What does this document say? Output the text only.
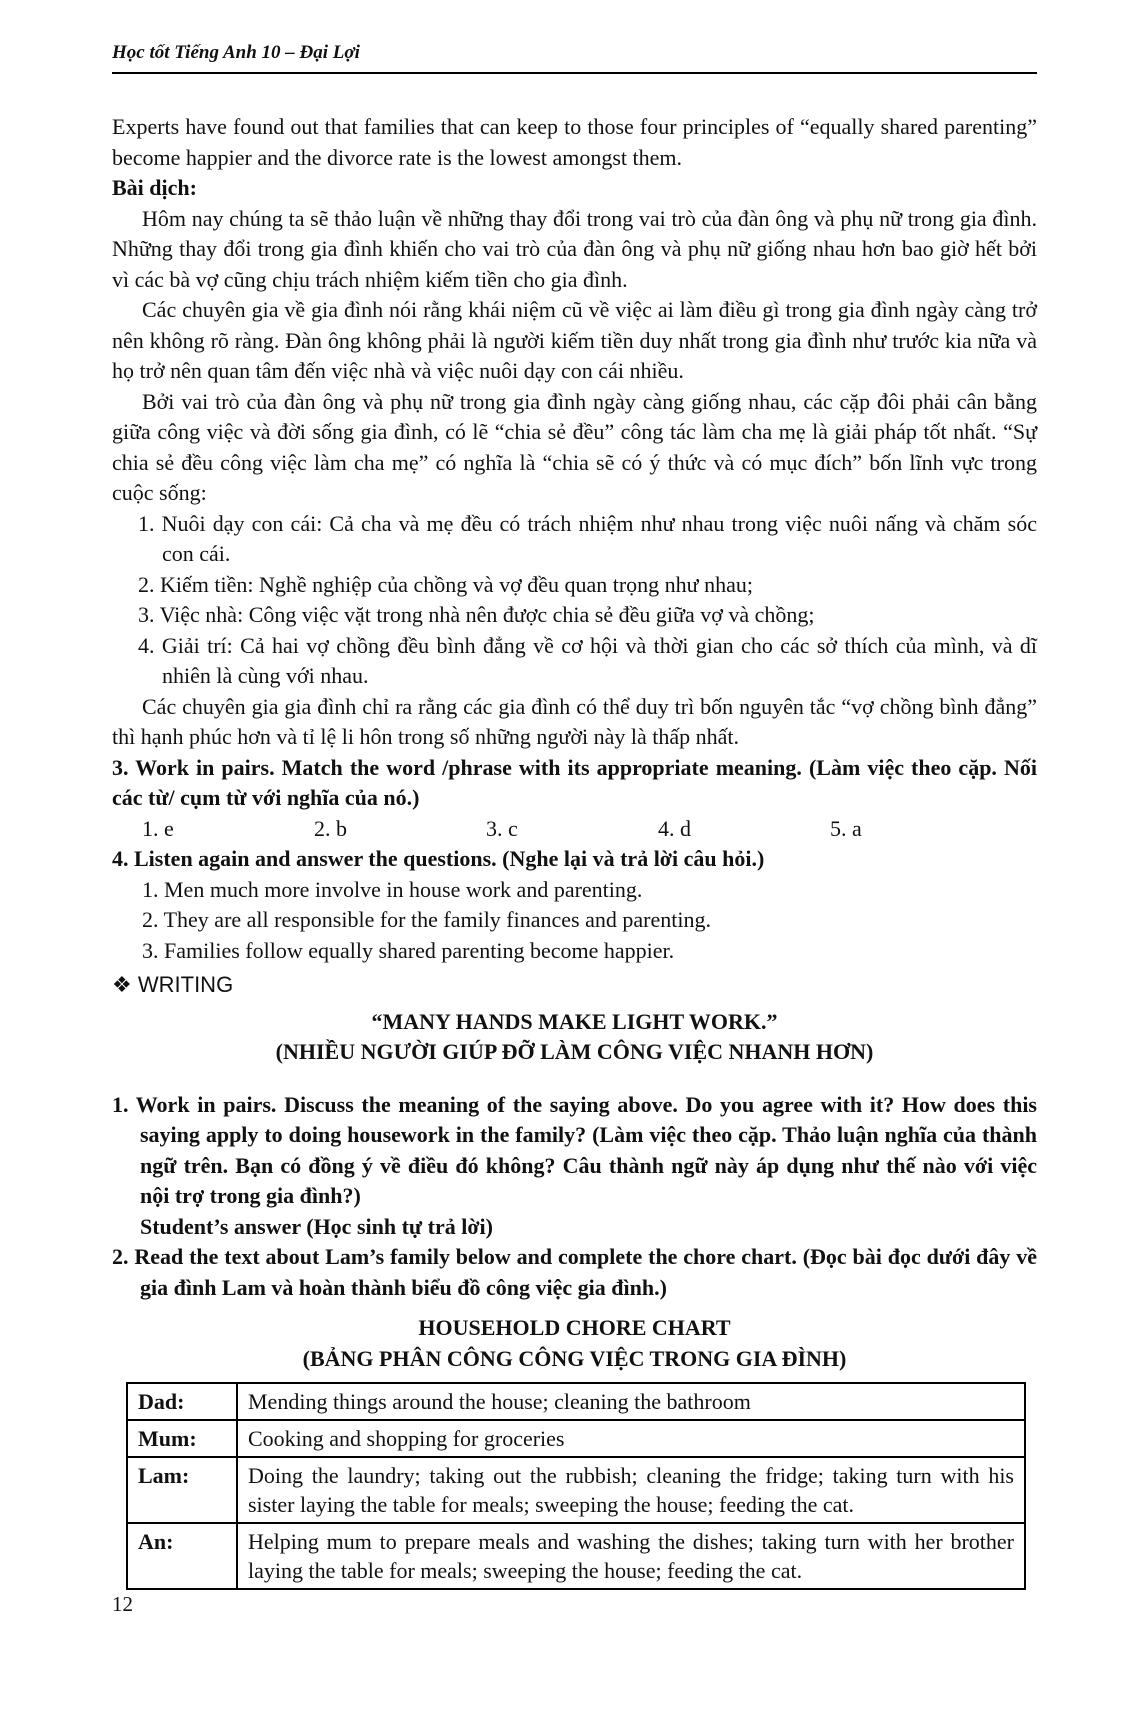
Học tốt Tiếng Anh 10 – Đại Lợi

Experts have found out that families that can keep to those four principles of “equally shared parenting” become happier and the divorce rate is the lowest amongst them.

Bài dịch:

Hôm nay chúng ta sẽ thảo luận về những thay đổi trong vai trò của đàn ông và phụ nữ trong gia đình. Những thay đổi trong gia đình khiến cho vai trò của đàn ông và phụ nữ giống nhau hơn bao giờ hết bởi vì các bà vợ cũng chịu trách nhiệm kiếm tiền cho gia đình.

Các chuyên gia về gia đình nói rằng khái niệm cũ về việc ai làm điều gì trong gia đình ngày càng trở nên không rõ ràng. Đàn ông không phải là người kiếm tiền duy nhất trong gia đình như trước kia nữa và họ trở nên quan tâm đến việc nhà và việc nuôi dạy con cái nhiều.

Bởi vai trò của đàn ông và phụ nữ trong gia đình ngày càng giống nhau, các cặp đôi phải cân bằng giữa công việc và đời sống gia đình, có lẽ “chia sẻ đều” công tác làm cha mẹ là giải pháp tốt nhất. “Sự chia sẻ đều công việc làm cha mẹ” có nghĩa là “chia sẽ có ý thức và có mục đích” bốn lĩnh vực trong cuộc sống:

1. Nuôi dạy con cái: Cả cha và mẹ đều có trách nhiệm như nhau trong việc nuôi nấng và chăm sóc con cái.
2. Kiếm tiền: Nghề nghiệp của chồng và vợ đều quan trọng như nhau;
3. Việc nhà: Công việc vặt trong nhà nên được chia sẻ đều giữa vợ và chồng;
4. Giải trí: Cả hai vợ chồng đều bình đẳng về cơ hội và thời gian cho các sở thích của mình, và dĩ nhiên là cùng với nhau.

Các chuyên gia gia đình chỉ ra rằng các gia đình có thể duy trì bốn nguyên tắc “vợ chồng bình đẳng” thì hạnh phúc hơn và tỉ lệ li hôn trong số những người này là thấp nhất.

3. Work in pairs. Match the word /phrase with its appropriate meaning. (Làm việc theo cặp. Nối các từ/ cụm từ với nghĩa của nó.)

1. e	2. b	3. c	4. d	5. a

4. Listen again and answer the questions. (Nghe lại và trả lời câu hỏi.)

1. Men much more involve in house work and parenting.
2. They are all responsible for the family finances and parenting.
3. Families follow equally shared parenting become happier.
❖ WRITING

“MANY HANDS MAKE LIGHT WORK.”

(NHIỀU NGƯỜI GIÚP ĐỠ LÀM CÔNG VIỆC NHANH HƠN)

1. Work in pairs. Discuss the meaning of the saying above. Do you agree with it? How does this saying apply to doing housework in the family? (Làm việc theo cặp. Thảo luận nghĩa của thành ngữ trên. Bạn có đồng ý về điều đó không? Câu thành ngữ này áp dụng như thế nào với việc nội trợ trong gia đình?)

Student’s answer (Học sinh tự trả lời)

2. Read the text about Lam’s family below and complete the chore chart. (Đọc bài đọc dưới đây về gia đình Lam và hoàn thành biểu đồ công việc gia đình.)

HOUSEHOLD CHORE CHART

(BẢNG PHÂN CÔNG CÔNG VIỆC TRONG GIA ĐÌNH)

Dad:	Mending things around the house; cleaning the bathroom
Mum:	Cooking and shopping for groceries
Lam:	Doing the laundry; taking out the rubbish; cleaning the fridge; taking turn with his sister laying the table for meals; sweeping the house; feeding the cat.
An:	Helping mum to prepare meals and washing the dishes; taking turn with her brother laying the table for meals; sweeping the house; feeding the cat.
12
